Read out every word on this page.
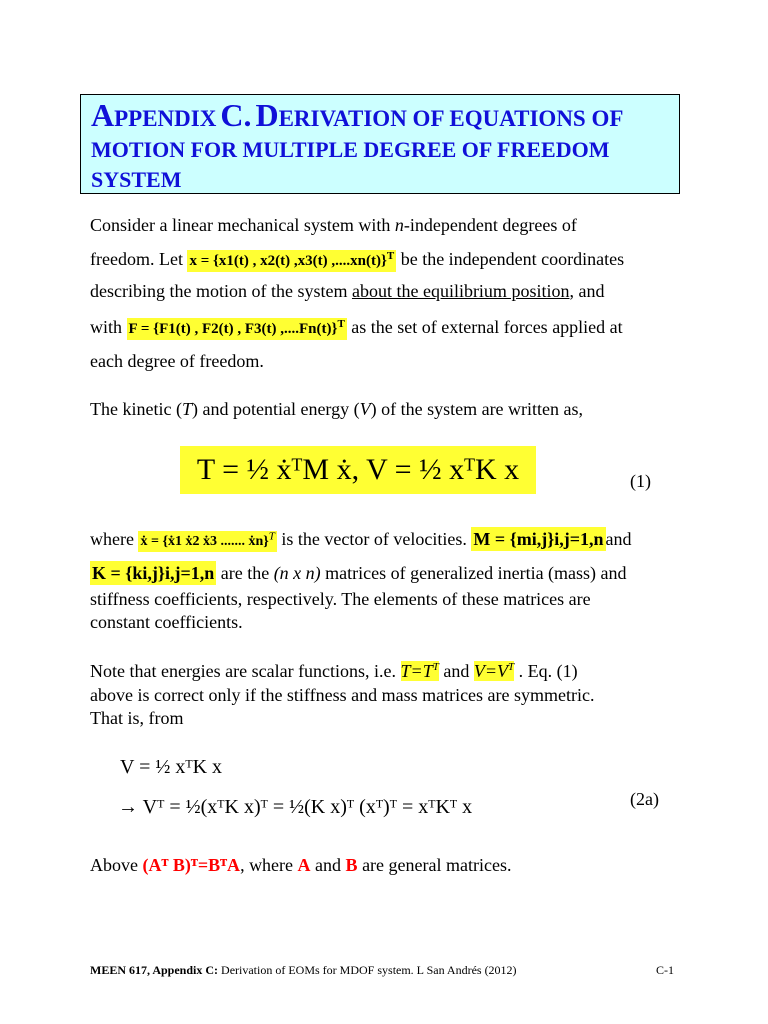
APPENDIX C. DERIVATION OF EQUATIONS OF
MOTION FOR MULTIPLE DEGREE OF FREEDOM
SYSTEM
Consider a linear mechanical system with n-independent degrees of
freedom. Let x = {x1(t) , x2(t) ,x3(t) ,....xn(t)}$^T$ be the independent coordinates
describing the motion of the system about the equilibrium position, and
with F = {F1(t) , F2(t) , F3(t) ,....Fn(t)}$^T$ as the set of external forces applied at
each degree of freedom.
The kinetic (T) and potential energy (V) of the system are written as,
T = ½ ẋᵀM ẋ, V = ½ xᵀK x	(1)
where ẋ = {ẋ1 ẋ2 ẋ3 ....... ẋn}$^T$ is the vector of velocities. M = {mi,j}i,j=1,n and
K = {ki,j}i,j=1,n are the (n x n) matrices of generalized inertia (mass) and
stiffness coefficients, respectively. The elements of these matrices are
constant coefficients.
Note that energies are scalar functions, i.e. $T=T^T$ and $V=V^T$ . Eq. (1)
above is correct only if the stiffness and mass matrices are symmetric.
That is, from
V = ½ xᵀK x
→ Vᵀ = ½(xᵀK x)ᵀ = ½(K x)ᵀ (xᵀ)ᵀ = xᵀKᵀ x	(2a)
Above (Aᵀ B)ᵀ=BᵀA, where A and B are general matrices.
MEEN 617, Appendix C: Derivation of EOMs for MDOF system. L San Andrés (2012)	C-1
